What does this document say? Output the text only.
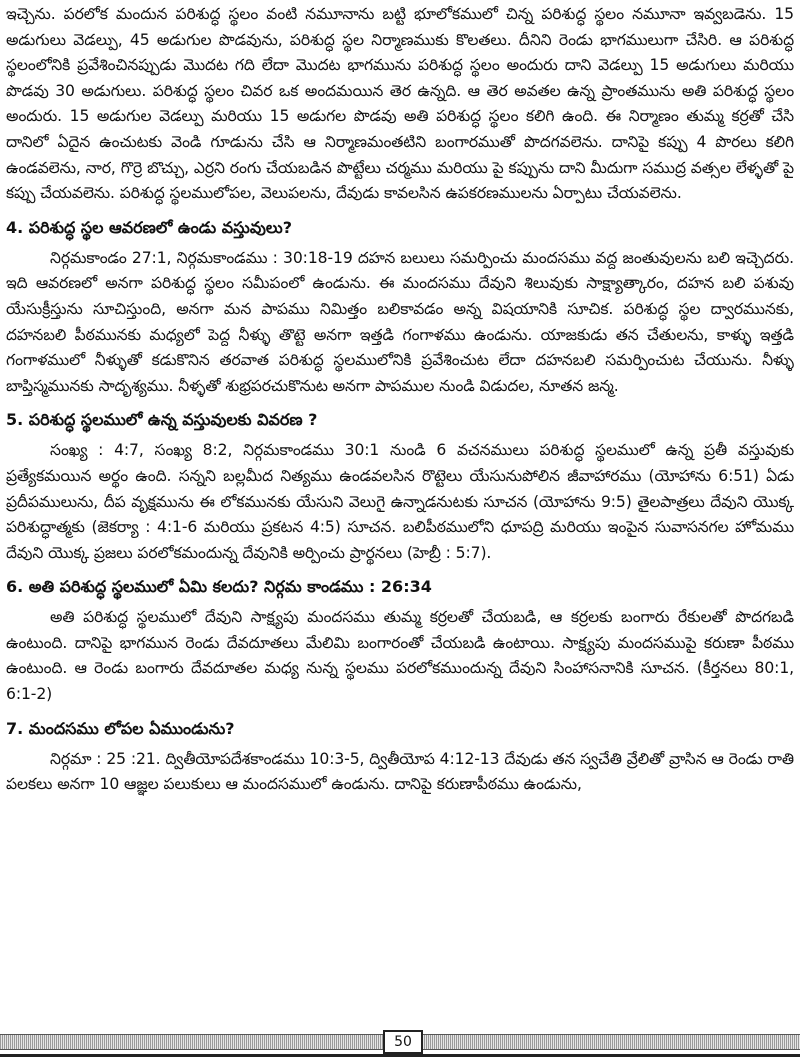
ఇచ్చెను. పరలోక మందున పరిశుద్ధ స్థలం వంటి నమూనాను బట్టి భూలోకములో చిన్న పరిశుద్ధ స్థలం నమూనా ఇవ్వబడెను. 15 అడుగులు వెడల్పు, 45 అడుగుల పొడవును, పరిశుద్ధ స్థల నిర్మాణముకు కొలతలు. దీనిని రెండు భాగములుగా చేసిరి. ఆ పరిశుద్ధ స్థలంలోనికి ప్రవేశించినప్పుడు మొదట గది లేదా మొదట భాగమును పరిశుద్ధ స్థలం అందురు దాని వెడల్పు 15 అడుగులు మరియు పొడవు 30 అడుగులు. పరిశుద్ధ స్థలం చివర ఒక అందమయిన తెర ఉన్నది. ఆ తెర అవతల ఉన్న ప్రాంతమును అతి పరిశుద్ధ స్థలం అందురు. 15 అడుగుల వెడల్పు మరియు 15 అడుగల పొడవు అతి పరిశుద్ధ స్థలం కలిగి ఉంది. ఈ నిర్మాణం తుమ్మ కర్రతో చేసి దానిలో ఏదైన ఉంచుటకు వెండి గూడును చేసి ఆ నిర్మాణమంతటిని బంగారముతో పొదగవలెను. దానిపై కప్పు 4 పొరలు కలిగి ఉండవలెను, నార, గొర్రె బొచ్చు, ఎర్రని రంగు చేయబడిన పొట్టేలు చర్మము మరియు పై కప్పును దాని మీదుగా సముద్ర వత్సల లేళ్ళతో పై కప్పు చేయవలెను. పరిశుద్ధ స్థలములోపల, వెలుపలను, దేవుడు కావలసిన ఉపకరణములను ఏర్పాటు చేయవలెను.

4. పరిశుద్ధ స్థల ఆవరణలో ఉండు వస్తువులు?

నిర్గమకాండం 27:1, నిర్గమకాండము : 30:18-19 దహన బలులు సమర్పించు మందసము వద్ద జంతువులను బలి ఇచ్చెదరు. ఇది ఆవరణలో అనగా పరిశుద్ధ స్థలం సమీపంలో ఉండును. ఈ మందసము దేవుని శిలువుకు సాక్ష్యాత్కారం, దహన బలి పశువు యేసుక్రీస్తును సూచిస్తుంది, అనగా మన పాపము నిమిత్తం బలికావడం అన్న విషయానికి సూచిక. పరిశుద్ధ స్థల ద్వారమునకు, దహనబలి పీఠమునకు మధ్యలో పెద్ద నీళ్ళు తొట్టె అనగా ఇత్తడి గంగాళము ఉండును. యాజకుడు తన చేతులను, కాళ్ళు ఇత్తడి గంగాళములో నీళ్ళుతో కడుకొనిన తరవాత పరిశుద్ధ స్థలములోనికి ప్రవేశించుట లేదా దహనబలి సమర్పించుట చేయును. నీళ్ళు బాప్తిస్మమునకు సాదృశ్యము. నీళ్ళతో శుభ్రపరచుకొనుట అనగా పాపముల నుండి విడుదల, నూతన జన్మ.

5. పరిశుద్ధ స్థలములో ఉన్న వస్తువులకు వివరణ ?

సంఖ్య : 4:7, సంఖ్య 8:2, నిర్గమకాండము 30:1 నుండి 6 వచనములు పరిశుద్ధ స్థలములో ఉన్న ప్రతీ వస్తువుకు ప్రత్యేకమయిన అర్థం ఉంది. సన్నని బల్లమీద నిత్యము ఉండవలసిన రొట్టెలు యేసునుపోలిన జీవాహారము (యోహాను 6:51) ఏడు ప్రదీపములును, దీప వృక్షమును ఈ లోకమునకు యేసుని వెలుగై ఉన్నాడనుటకు సూచన (యోహాను 9:5) తైలపాత్రలు దేవుని యొక్క పరిశుద్ధాత్మకు (జెకర్యా : 4:1-6 మరియు ప్రకటన 4:5) సూచన. బలిపీఠములోని ధూపద్రి మరియు ఇంపైన సువాసనగల హోమము దేవుని యొక్క ప్రజలు పరలోకమందున్న దేవునికి అర్పించు ప్రార్థనలు (హెబ్రీ : 5:7).

6. అతి పరిశుద్ధ స్థలములో ఏమి కలదు? నిర్గమ కాండము : 26:34

అతి పరిశుద్ధ స్థలములో దేవుని సాక్ష్యపు మందసము తుమ్మ కర్రలతో చేయబడి, ఆ కర్రలకు బంగారు రేకులతో పొదగబడి ఉంటుంది. దానిపై భాగమున రెండు దేవదూతలు మేలిమి బంగారంతో చేయబడి ఉంటాయి. సాక్ష్యపు మందసముపై కరుణా పీఠము ఉంటుంది. ఆ రెండు బంగారు దేవదూతల మధ్య నున్న స్థలము పరలోకముందున్న దేవుని సింహాసనానికి సూచన. (కీర్తనలు 80:1, 6:1-2)

7. మందసము లోపల ఏముండును?

నిర్గమా : 25 :21. ద్వితీయోపదేశకాండము 10:3-5, ద్వితీయోప 4:12-13 దేవుడు తన స్వచేతి వ్రేలితో వ్రాసిన ఆ రెండు రాతి పలకలు అనగా 10 ఆజ్ఞల పలుకులు ఆ మందసములో ఉండును. దానిపై కరుణాపీఠము ఉండును,

50
